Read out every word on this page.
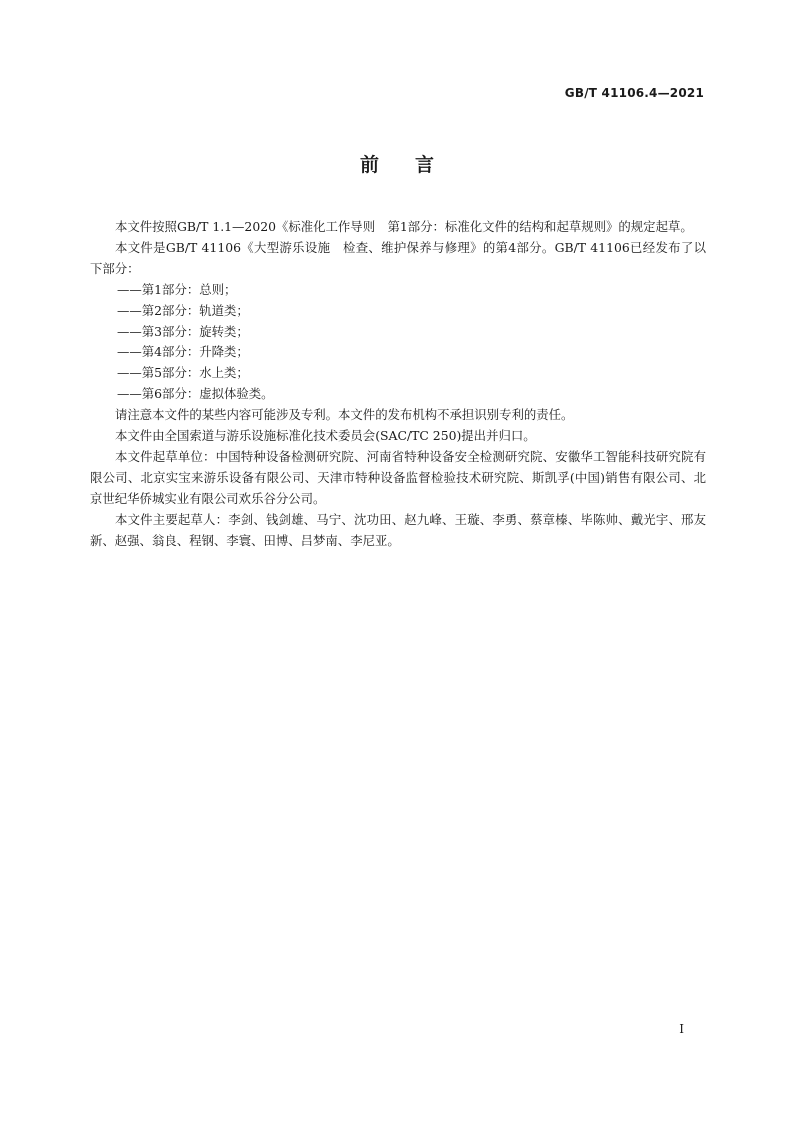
GB/T 41106.4—2021
前言

本文件按照GB/T 1.1—2020《标准化工作导则　第1部分：标准化文件的结构和起草规则》的规定起草。

本文件是GB/T 41106《大型游乐设施　检查、维护保养与修理》的第4部分。GB/T 41106已经发布了以下部分：

——第1部分：总则；

——第2部分：轨道类；

——第3部分：旋转类；

——第4部分：升降类；

——第5部分：水上类；

——第6部分：虚拟体验类。

请注意本文件的某些内容可能涉及专利。本文件的发布机构不承担识别专利的责任。

本文件由全国索道与游乐设施标准化技术委员会(SAC/TC 250)提出并归口。

本文件起草单位：中国特种设备检测研究院、河南省特种设备安全检测研究院、安徽华工智能科技研究院有限公司、北京实宝来游乐设备有限公司、天津市特种设备监督检验技术研究院、斯凯孚(中国)销售有限公司、北京世纪华侨城实业有限公司欢乐谷分公司。

本文件主要起草人：李剑、钱剑雄、马宁、沈功田、赵九峰、王璇、李勇、蔡章榛、毕陈帅、戴光宇、邢友新、赵强、翁良、程钢、李寰、田博、吕梦南、李尼亚。

I
